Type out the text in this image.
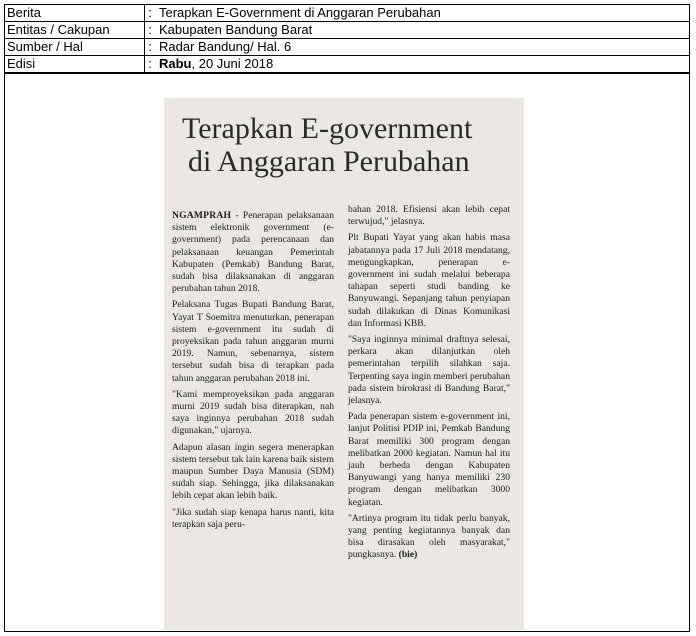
Berita	: Terapkan E-Government di Anggaran Perubahan
Entitas / Cakupan	: Kabupaten Bandung Barat
Sumber / Hal	: Radar Bandung/ Hal. 6
Edisi	: Rabu, 20 Juni 2018
Terapkan E-government
di Anggaran Perubahan

NGAMPRAH - Penerapan pelaksanaan sistem elektronik government (e-government) pada perencanaan dan pelaksanaan keuangan Pemerintah Kabupaten (Pemkab) Bandung Barat, sudah bisa dilaksanakan di anggaran perubahan tahun 2018.

Pelaksana Tugas Bupati Bandung Barat, Yayat T Soemitra menuturkan, penerapan sistem e-government itu sudah di proyeksikan pada tahun anggaran murni 2019. Namun, sebenarnya, sistem tersebut sudah bisa di terapkan pada tahun anggaran perubahan 2018 ini.

"Kami memproyeksikan pada anggaran murni 2019 sudah bisa diterapkan, nah saya inginnya perubahan 2018 sudah digunakan," ujarnya.

Adapun alasan ingin segera menerapkan sistem tersebut tak lain karena baik sistem maupun Sumber Daya Manusia (SDM) sudah siap. Sehingga, jika dilaksanakan lebih cepat akan lebih baik.

"Jika sudah siap kenapa harus nanti, kita terapkan saja peru-

bahan 2018. Efisiensi akan lebih cepat terwujud," jelasnya.

Plt Bupati Yayat yang akan habis masa jabatannya pada 17 Juli 2018 mendatang, mengungkapkan, penerapan e-government ini sudah melalui beberapa tahapan seperti studi banding ke Banyuwangi. Sepanjang tahun penyiapan sudah dilakukan di Dinas Komunikasi dan Informasi KBB.

"Saya inginnya minimal draftnya selesai, perkara akan dilanjutkan oleh pemerintahan terpilih silahkan saja. Terpenting saya ingin memberi perubahan pada sistem birokrasi di Bandung Barat," jelasnya.

Pada penerapan sistem e-government ini, lanjut Politisi PDIP ini, Pemkab Bandung Barat memiliki 300 program dengan melibatkan 2000 kegiatan. Namun hal itu jauh berbeda dengan Kabupaten Banyuwangi yang hanya memiliki 230 program dengan melibatkan 3000 kegiatan.

"Artinya program itu tidak perlu banyak, yang penting kegiatannya banyak dan bisa dirasakan oleh masyarakat," pungkasnya. (bie)
